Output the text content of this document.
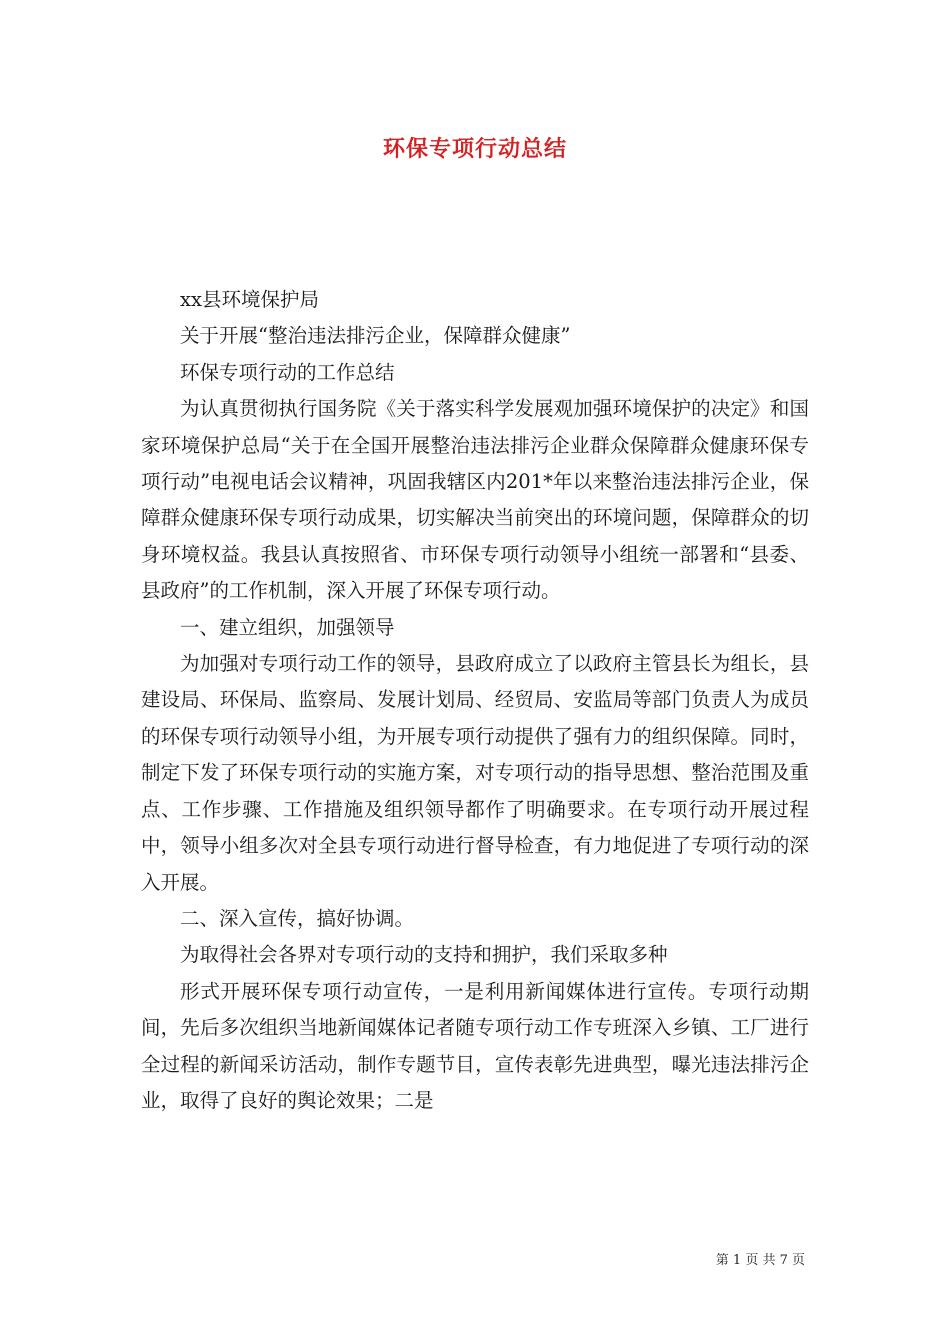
环保专项行动总结

xx县环境保护局

关于开展“整治违法排污企业，保障群众健康”

环保专项行动的工作总结

为认真贯彻执行国务院《关于落实科学发展观加强环境保护的决定》和国家环境保护总局“关于在全国开展整治违法排污企业群众保障群众健康环保专项行动”电视电话会议精神，巩固我辖区内201*年以来整治违法排污企业，保障群众健康环保专项行动成果，切实解决当前突出的环境问题，保障群众的切身环境权益。我县认真按照省、市环保专项行动领导小组统一部署和“县委、县政府”的工作机制，深入开展了环保专项行动。

一、建立组织，加强领导

为加强对专项行动工作的领导，县政府成立了以政府主管县长为组长，县建设局、环保局、监察局、发展计划局、经贸局、安监局等部门负责人为成员的环保专项行动领导小组，为开展专项行动提供了强有力的组织保障。同时，制定下发了环保专项行动的实施方案，对专项行动的指导思想、整治范围及重点、工作步骤、工作措施及组织领导都作了明确要求。在专项行动开展过程中，领导小组多次对全县专项行动进行督导检查，有力地促进了专项行动的深入开展。

二、深入宣传，搞好协调。

为取得社会各界对专项行动的支持和拥护，我们采取多种

形式开展环保专项行动宣传，一是利用新闻媒体进行宣传。专项行动期间，先后多次组织当地新闻媒体记者随专项行动工作专班深入乡镇、工厂进行全过程的新闻采访活动，制作专题节目，宣传表彰先进典型，曝光违法排污企业，取得了良好的舆论效果；二是

第 1 页 共 7 页
